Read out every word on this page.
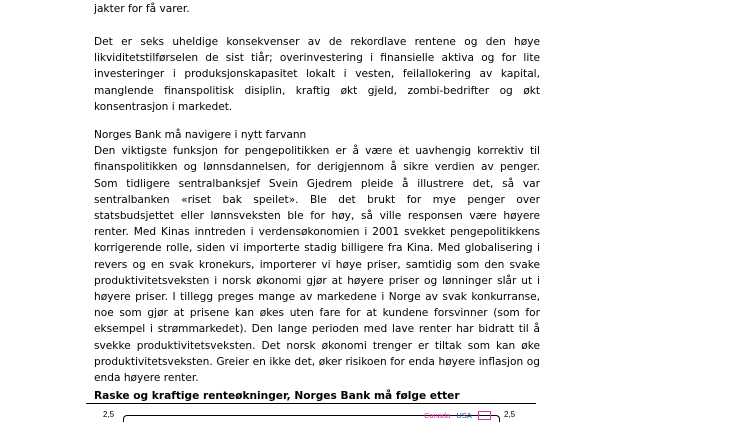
jakter for få varer.

Det er seks uheldige konsekvenser av de rekordlave rentene og den høye likviditetstilførselen de sist tiår; overinvestering i finansielle aktiva og for lite investeringer i produksjonskapasitet lokalt i vesten, feilallokering av kapital, manglende finanspolitisk disiplin, kraftig økt gjeld, zombi-bedrifter og økt konsentrasjon i markedet.

Norges Bank må navigere i nytt farvann
Den viktigste funksjon for pengepolitikken er å være et uavhengig korrektiv til finanspolitikken og lønnsdannelsen, for derigjennom å sikre verdien av penger. Som tidligere sentralbanksjef Svein Gjedrem pleide å illustrere det, så var sentralbanken «riset bak speilet». Ble det brukt for mye penger over statsbudsjettet eller lønnsveksten ble for høy, så ville responsen være høyere renter. Med Kinas inntreden i verdensøkonomien i 2001 svekket pengepolitikkens korrigerende rolle, siden vi importerte stadig billigere fra Kina. Med globalisering i revers og en svak kronekurs, importerer vi høye priser, samtidig som den svake produktivitetsveksten i norsk økonomi gjør at høyere priser og lønninger slår ut i høyere priser. I tillegg preges mange av markedene i Norge av svak konkurranse, noe som gjør at prisene kan økes uten fare for at kundene forsvinner (som for eksempel i strømmarkedet). Den lange perioden med lave renter har bidratt til å svekke produktivitetsveksten. Det norsk økonomi trenger er tiltak som kan øke produktivitetsveksten. Greier en ikke det, øker risikoen for enda høyere inflasjon og enda høyere renter.
Raske og kraftige renteøkninger, Norges Bank må følge etter
2,5	Canada USA	2,5
